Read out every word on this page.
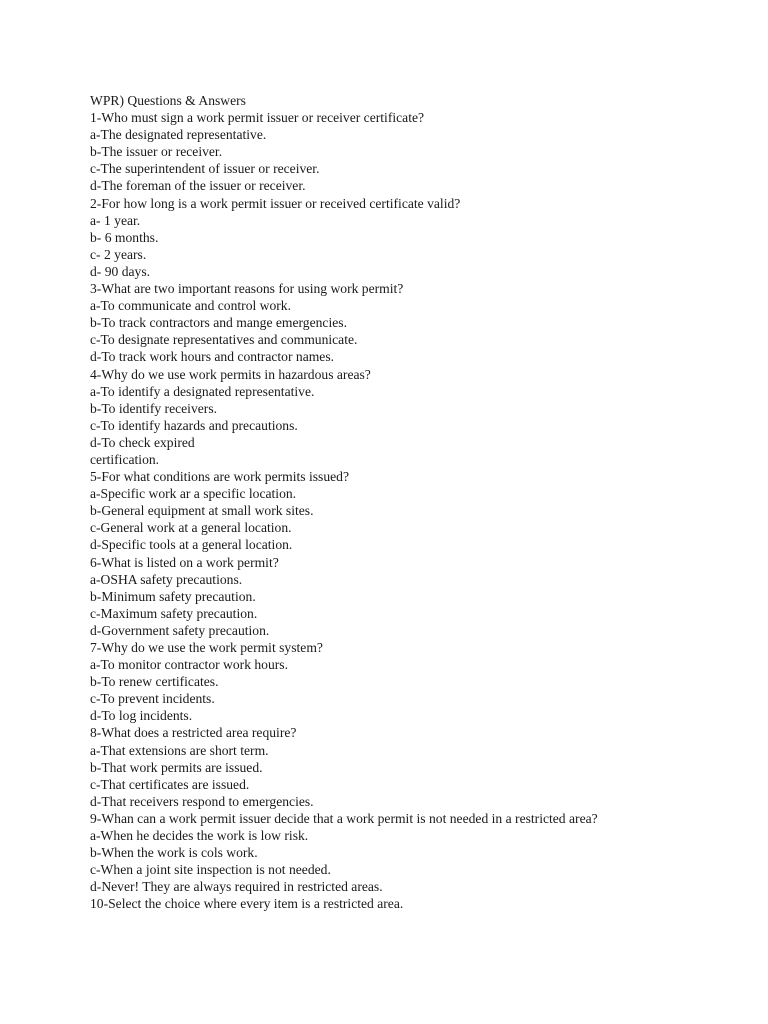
WPR) Questions & Answers
1-Who must sign a work permit issuer or receiver certificate?
a-The designated representative.
b-The issuer or receiver.
c-The superintendent of issuer or receiver.
d-The foreman of the issuer or receiver.
2-For how long is a work permit issuer or received certificate valid?
a- 1 year.
b- 6 months.
c- 2 years.
d- 90 days.
3-What are two important reasons for using work permit?
a-To communicate and control work.
b-To track contractors and mange emergencies.
c-To designate representatives and communicate.
d-To track work hours and contractor names.
4-Why do we use work permits in hazardous areas?
a-To identify a designated representative.
b-To identify receivers.
c-To identify hazards and precautions.
d-To check expired
certification.
5-For what conditions are work permits issued?
a-Specific work ar a specific location.
b-General equipment at small work sites.
c-General work at a general location.
d-Specific tools at a general location.
6-What is listed on a work permit?
a-OSHA safety precautions.
b-Minimum safety precaution.
c-Maximum safety precaution.
d-Government safety precaution.
7-Why do we use the work permit system?
a-To monitor contractor work hours.
b-To renew certificates.
c-To prevent incidents.
d-To log incidents.
8-What does a restricted area require?
a-That extensions are short term.
b-That work permits are issued.
c-That certificates are issued.
d-That receivers respond to emergencies.
9-Whan can a work permit issuer decide that a work permit is not needed in a restricted area?
a-When he decides the work is low risk.
b-When the work is cols work.
c-When a joint site inspection is not needed.
d-Never! They are always required in restricted areas.
10-Select the choice where every item is a restricted area.
